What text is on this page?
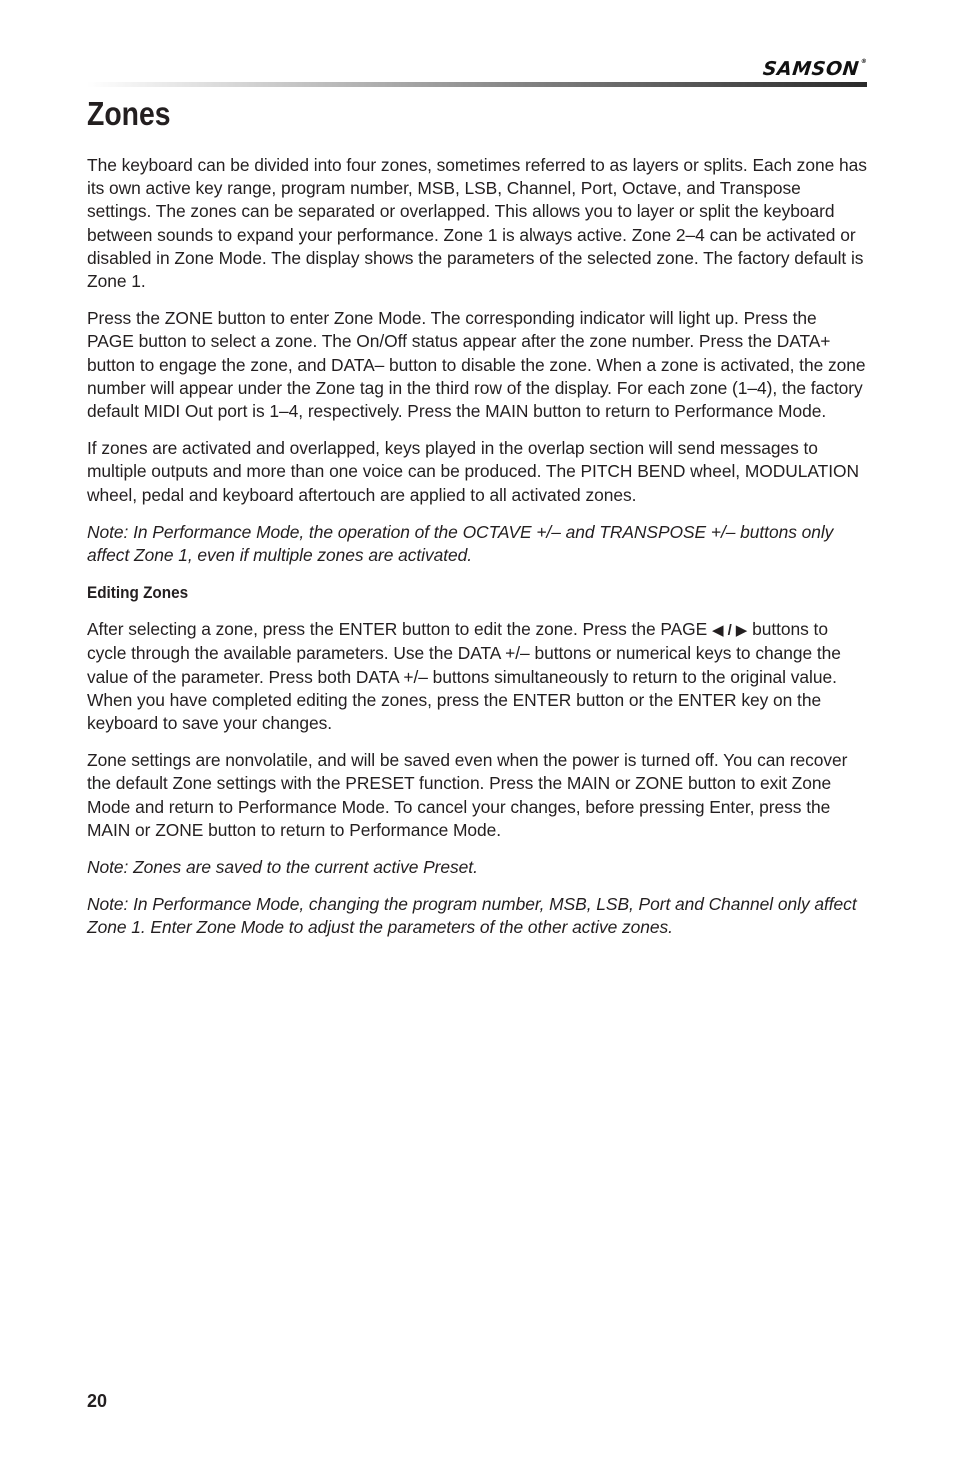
SAMSON®
Zones

The keyboard can be divided into four zones, sometimes referred to as layers or splits. Each zone has its own active key range, program number, MSB, LSB, Channel, Port, Octave, and Transpose settings. The zones can be separated or overlapped. This allows you to layer or split the keyboard between sounds to expand your performance. Zone 1 is always active. Zone 2–4 can be activated or disabled in Zone Mode. The display shows the parameters of the selected zone. The factory default is Zone 1.

Press the ZONE button to enter Zone Mode. The corresponding indicator will light up. Press the PAGE button to select a zone. The On/Off status appear after the zone number. Press the DATA+ button to engage the zone, and DATA– button to disable the zone. When a zone is activated, the zone number will appear under the Zone tag in the third row of the display. For each zone (1–4), the factory default MIDI Out port is 1–4, respectively. Press the MAIN button to return to Performance Mode.

If zones are activated and overlapped, keys played in the overlap section will send messages to multiple outputs and more than one voice can be produced. The PITCH BEND wheel, MODULATION wheel, pedal and keyboard aftertouch are applied to all activated zones.

Note: In Performance Mode, the operation of the OCTAVE +/– and TRANSPOSE +/– buttons only affect Zone 1, even if multiple zones are activated.

Editing Zones

After selecting a zone, press the ENTER button to edit the zone. Press the PAGE ◀ / ▶ buttons to cycle through the available parameters. Use the DATA +/– buttons or numerical keys to change the value of the parameter. Press both DATA +/– buttons simultaneously to return to the original value. When you have completed editing the zones, press the ENTER button or the ENTER key on the keyboard to save your changes.

Zone settings are nonvolatile, and will be saved even when the power is turned off. You can recover the default Zone settings with the PRESET function. Press the MAIN or ZONE button to exit Zone Mode and return to Performance Mode. To cancel your changes, before pressing Enter, press the MAIN or ZONE button to return to Performance Mode.

Note: Zones are saved to the current active Preset.

Note: In Performance Mode, changing the program number, MSB, LSB, Port and Channel only affect Zone 1. Enter Zone Mode to adjust the parameters of the other active zones.

20
